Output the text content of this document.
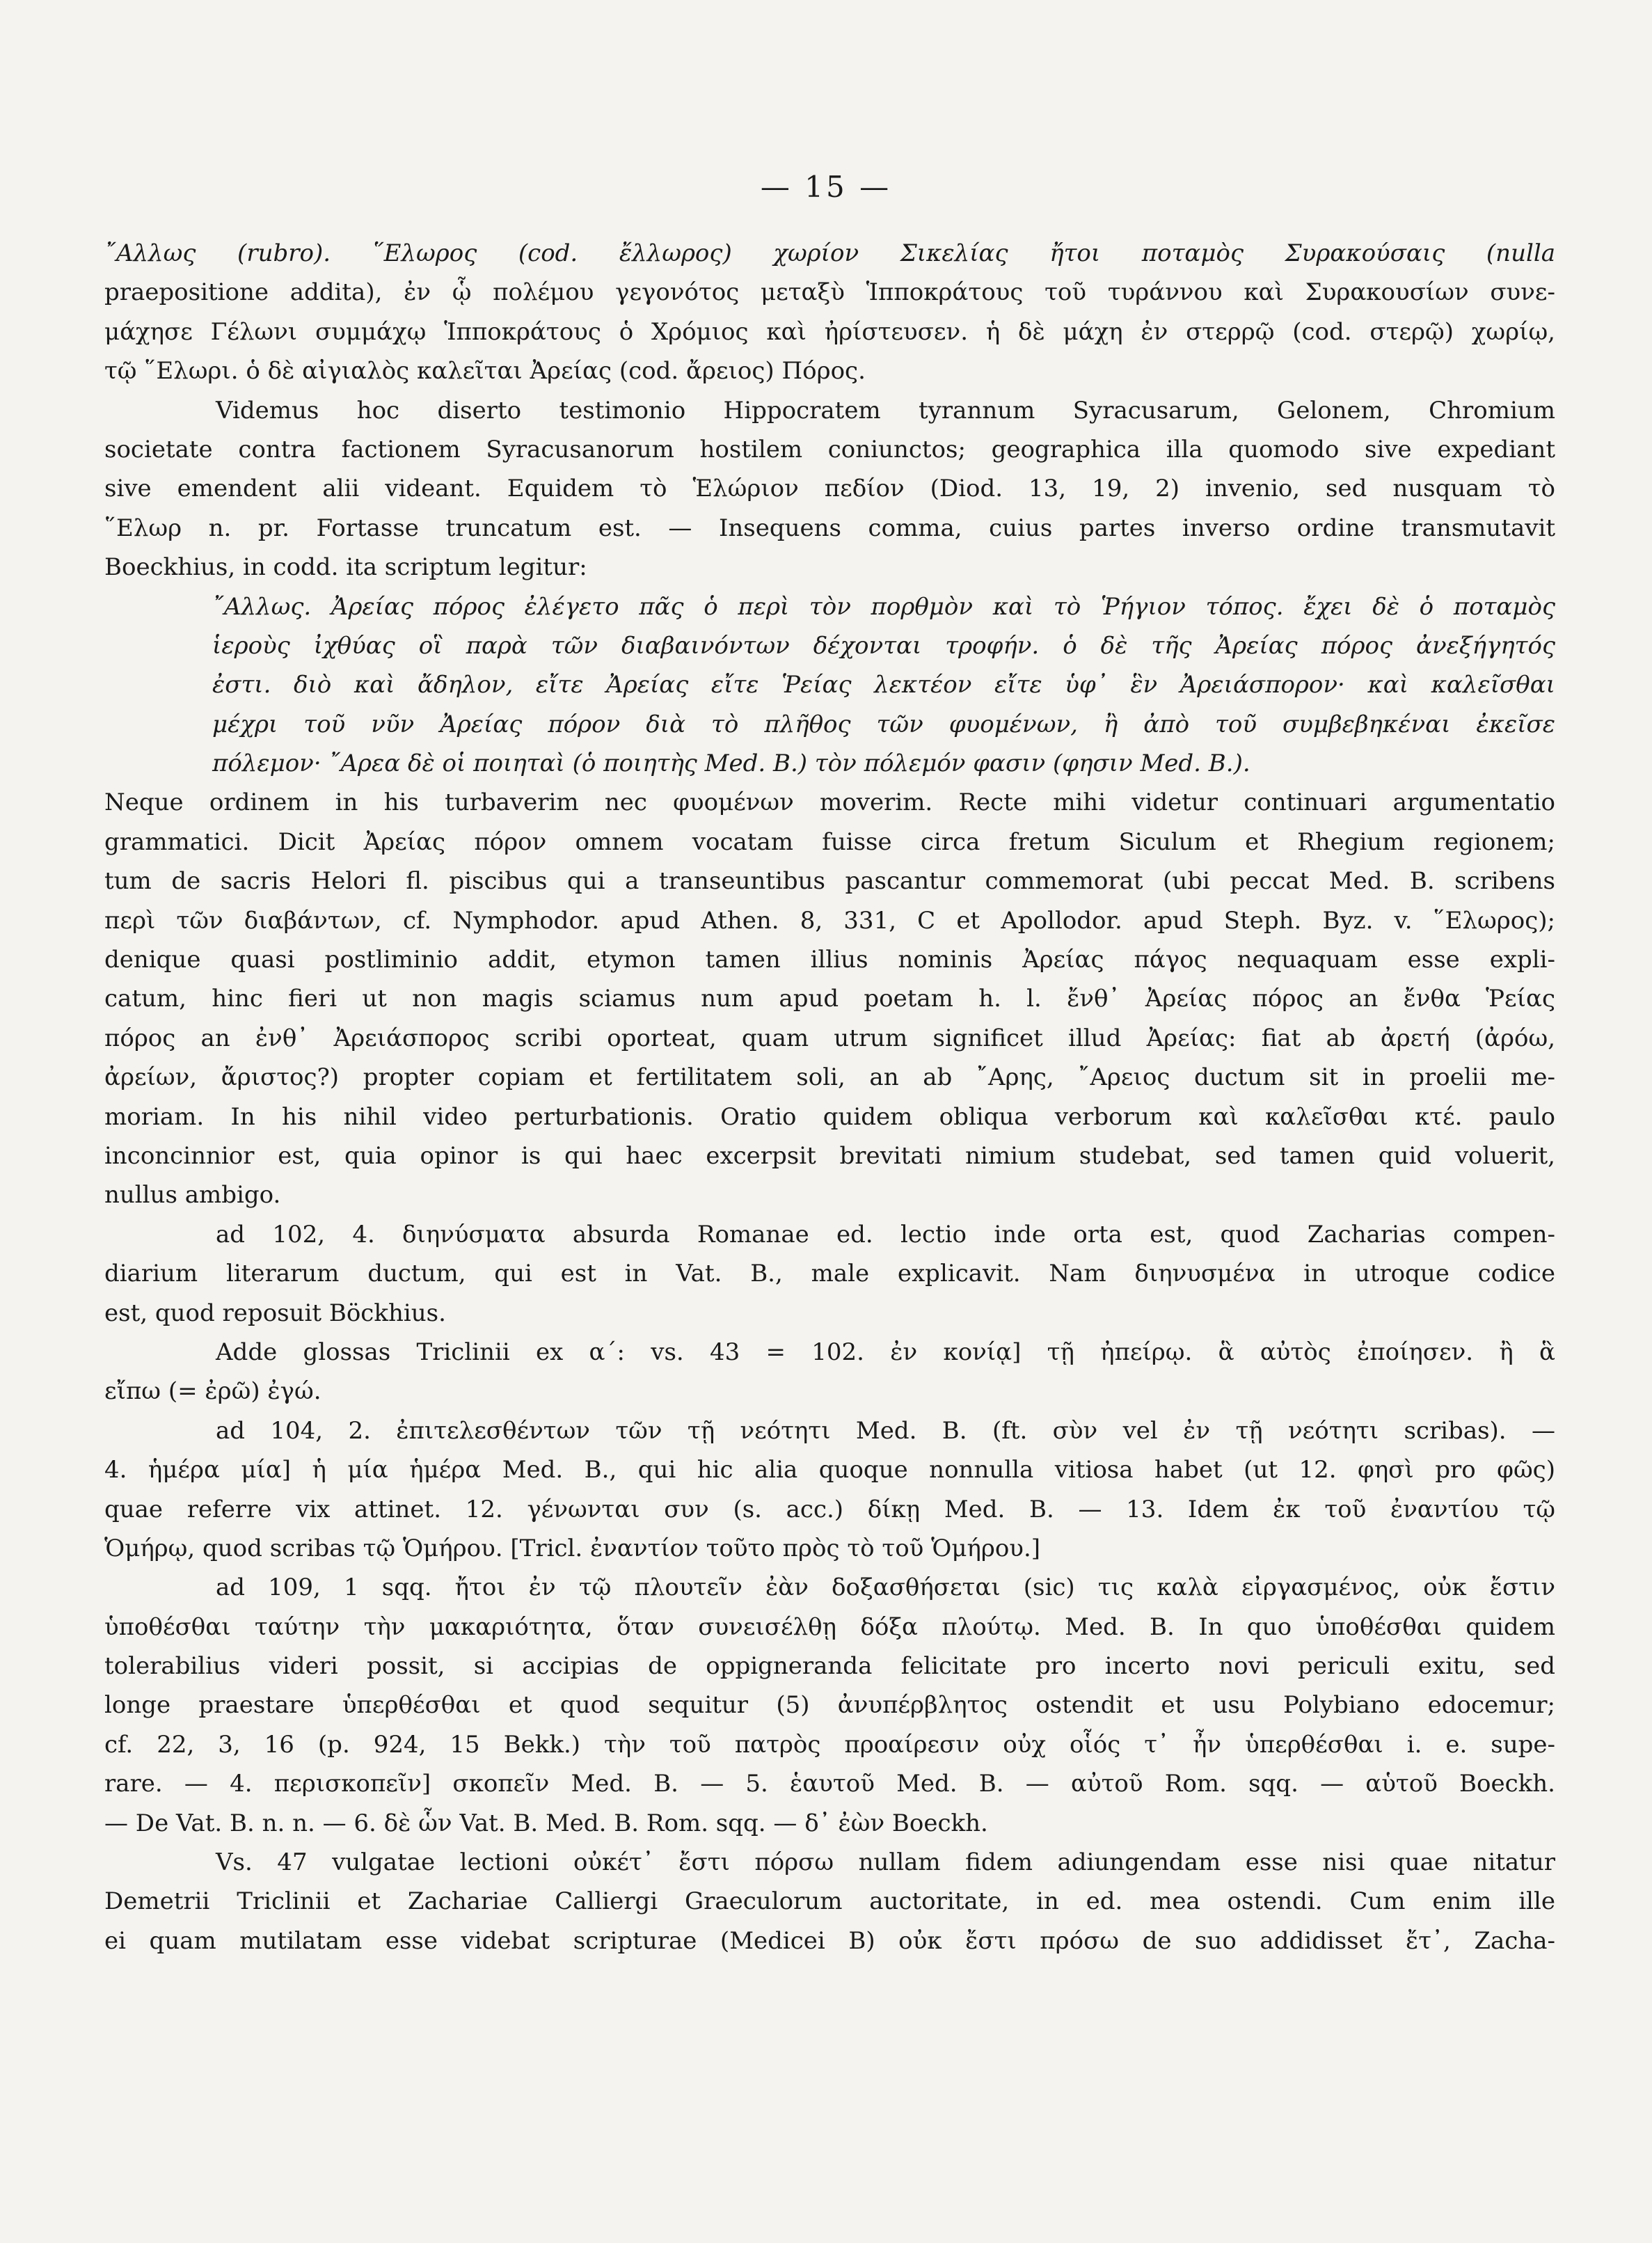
— 15 —
῎Αλλως (rubro). ῞Ελωρος (cod. ἔλλωρος) χωρίον Σικελίας ἤτοι ποταμὸς Συρακούσαις (nulla
praepositione addita), ἐν ᾧ πολέμου γεγονότος μεταξὺ Ἱπποκράτους τοῦ τυράννου καὶ Συρακουσίων συνε-
μάχησε Γέλωνι συμμάχῳ Ἱπποκράτους ὁ Χρόμιος καὶ ἠρίστευσεν. ἡ δὲ μάχη ἐν στερρῷ (cod. στερῷ) χωρίῳ,
τῷ ῞Ελωρι. ὁ δὲ αἰγιαλὸς καλεῖται Ἀρείας (cod. ἄρειος) Πόρος.
Videmus hoc diserto testimonio Hippocratem tyrannum Syracusarum, Gelonem, Chromium
societate contra factionem Syracusanorum hostilem coniunctos; geographica illa quomodo sive expediant
sive emendent alii videant. Equidem τὸ Ἑλώριον πεδίον (Diod. 13, 19, 2) invenio, sed nusquam τὸ
῞Ελωρ n. pr. Fortasse truncatum est. — Insequens comma, cuius partes inverso ordine transmutavit
Boeckhius, in codd. ita scriptum legitur:
῎Αλλως. Ἀρείας πόρος ἐλέγετο πᾶς ὁ περὶ τὸν πορθμὸν καὶ τὸ Ῥήγιον τόπος. ἔχει δὲ ὁ ποταμὸς
ἱεροὺς ἰχθύας οἳ παρὰ τῶν διαβαινόντων δέχονται τροφήν. ὁ δὲ τῆς Ἀρείας πόρος ἀνεξήγητός
ἐστι. διὸ καὶ ἄδηλον, εἴτε Ἀρείας εἴτε Ῥείας λεκτέον εἴτε ὑφ᾽ ἓν Ἀρειάσπορον· καὶ καλεῖσθαι
μέχρι τοῦ νῦν Ἀρείας πόρον διὰ τὸ πλῆθος τῶν φυομένων, ἢ ἀπὸ τοῦ συμβεβηκέναι ἐκεῖσε
πόλεμον· ῎Αρεα δὲ οἱ ποιηταὶ (ὁ ποιητὴς Med. B.) τὸν πόλεμόν φασιν (φησιν Med. B.).
Neque ordinem in his turbaverim nec φυομένων moverim. Recte mihi videtur continuari argumentatio
grammatici. Dicit Ἀρείας πόρον omnem vocatam fuisse circa fretum Siculum et Rhegium regionem;
tum de sacris Helori fl. piscibus qui a transeuntibus pascantur commemorat (ubi peccat Med. B. scribens
περὶ τῶν διαβάντων, cf. Nymphodor. apud Athen. 8, 331, C et Apollodor. apud Steph. Byz. v. ῞Ελωρος);
denique quasi postliminio addit, etymon tamen illius nominis Ἀρείας πάγος nequaquam esse expli-
catum, hinc fieri ut non magis sciamus num apud poetam h. l. ἔνθ᾽ Ἀρείας πόρος an ἔνθα Ῥείας
πόρος an ἐνθ᾽ Ἀρειάσπορος scribi oporteat, quam utrum significet illud Ἀρείας: fiat ab ἀρετή (ἀρόω,
ἀρείων, ἄριστος?) propter copiam et fertilitatem soli, an ab ῎Αρης, ῎Αρειος ductum sit in proelii me-
moriam. In his nihil video perturbationis. Oratio quidem obliqua verborum καὶ καλεῖσθαι κτέ. paulo
inconcinnior est, quia opinor is qui haec excerpsit brevitati nimium studebat, sed tamen quid voluerit,
nullus ambigo.
ad 102, 4. διηνύσματα absurda Romanae ed. lectio inde orta est, quod Zacharias compen-
diarium literarum ductum, qui est in Vat. B., male explicavit. Nam διηνυσμένα in utroque codice
est, quod reposuit Böckhius.
Adde glossas Triclinii ex α´: vs. 43 = 102. ἐν κονίᾳ] τῇ ἠπείρῳ. ἃ αὐτὸς ἐποίησεν. ἢ ἃ
εἴπω (= ἐρῶ) ἐγώ.
ad 104, 2. ἐπιτελεσθέντων τῶν τῇ νεότητι Med. B. (ft. σὺν vel ἐν τῇ νεότητι scribas). —
4. ἡμέρα μία] ἡ μία ἡμέρα Med. B., qui hic alia quoque nonnulla vitiosa habet (ut 12. φησὶ pro φῶς)
quae referre vix attinet. 12. γένωνται συν (s. acc.) δίκῃ Med. B. — 13. Idem ἐκ τοῦ ἐναντίου τῷ
Ὁμήρῳ, quod scribas τῷ Ὁμήρου. [Tricl. ἐναντίον τοῦτο πρὸς τὸ τοῦ Ὁμήρου.]
ad 109, 1 sqq. ἤτοι ἐν τῷ πλουτεῖν ἐὰν δοξασθήσεται (sic) τις καλὰ εἰργασμένος, οὐκ ἔστιν
ὑποθέσθαι ταύτην τὴν μακαριότητα, ὅταν συνεισέλθῃ δόξα πλούτῳ. Med. B. In quo ὑποθέσθαι quidem
tolerabilius videri possit, si accipias de oppigneranda felicitate pro incerto novi periculi exitu, sed
longe praestare ὑπερθέσθαι et quod sequitur (5) ἀνυπέρβλητος ostendit et usu Polybiano edocemur;
cf. 22, 3, 16 (p. 924, 15 Bekk.) τὴν τοῦ πατρὸς προαίρεσιν οὐχ οἷός τ᾽ ἦν ὑπερθέσθαι i. e. supe-
rare. — 4. περισκοπεῖν] σκοπεῖν Med. B. — 5. ἑαυτοῦ Med. B. — αὐτοῦ Rom. sqq. — αὑτοῦ Boeckh.
— De Vat. B. n. n. — 6. δὲ ὧν Vat. B. Med. B. Rom. sqq. — δ᾽ ἐὼν Boeckh.
Vs. 47 vulgatae lectioni οὐκέτ᾽ ἔστι πόρσω nullam fidem adiungendam esse nisi quae nitatur
Demetrii Triclinii et Zachariae Calliergi Graeculorum auctoritate, in ed. mea ostendi. Cum enim ille
ei quam mutilatam esse videbat scripturae (Medicei B) οὐκ ἔστι πρόσω de suo addidisset ἔτ᾽, Zacha-
